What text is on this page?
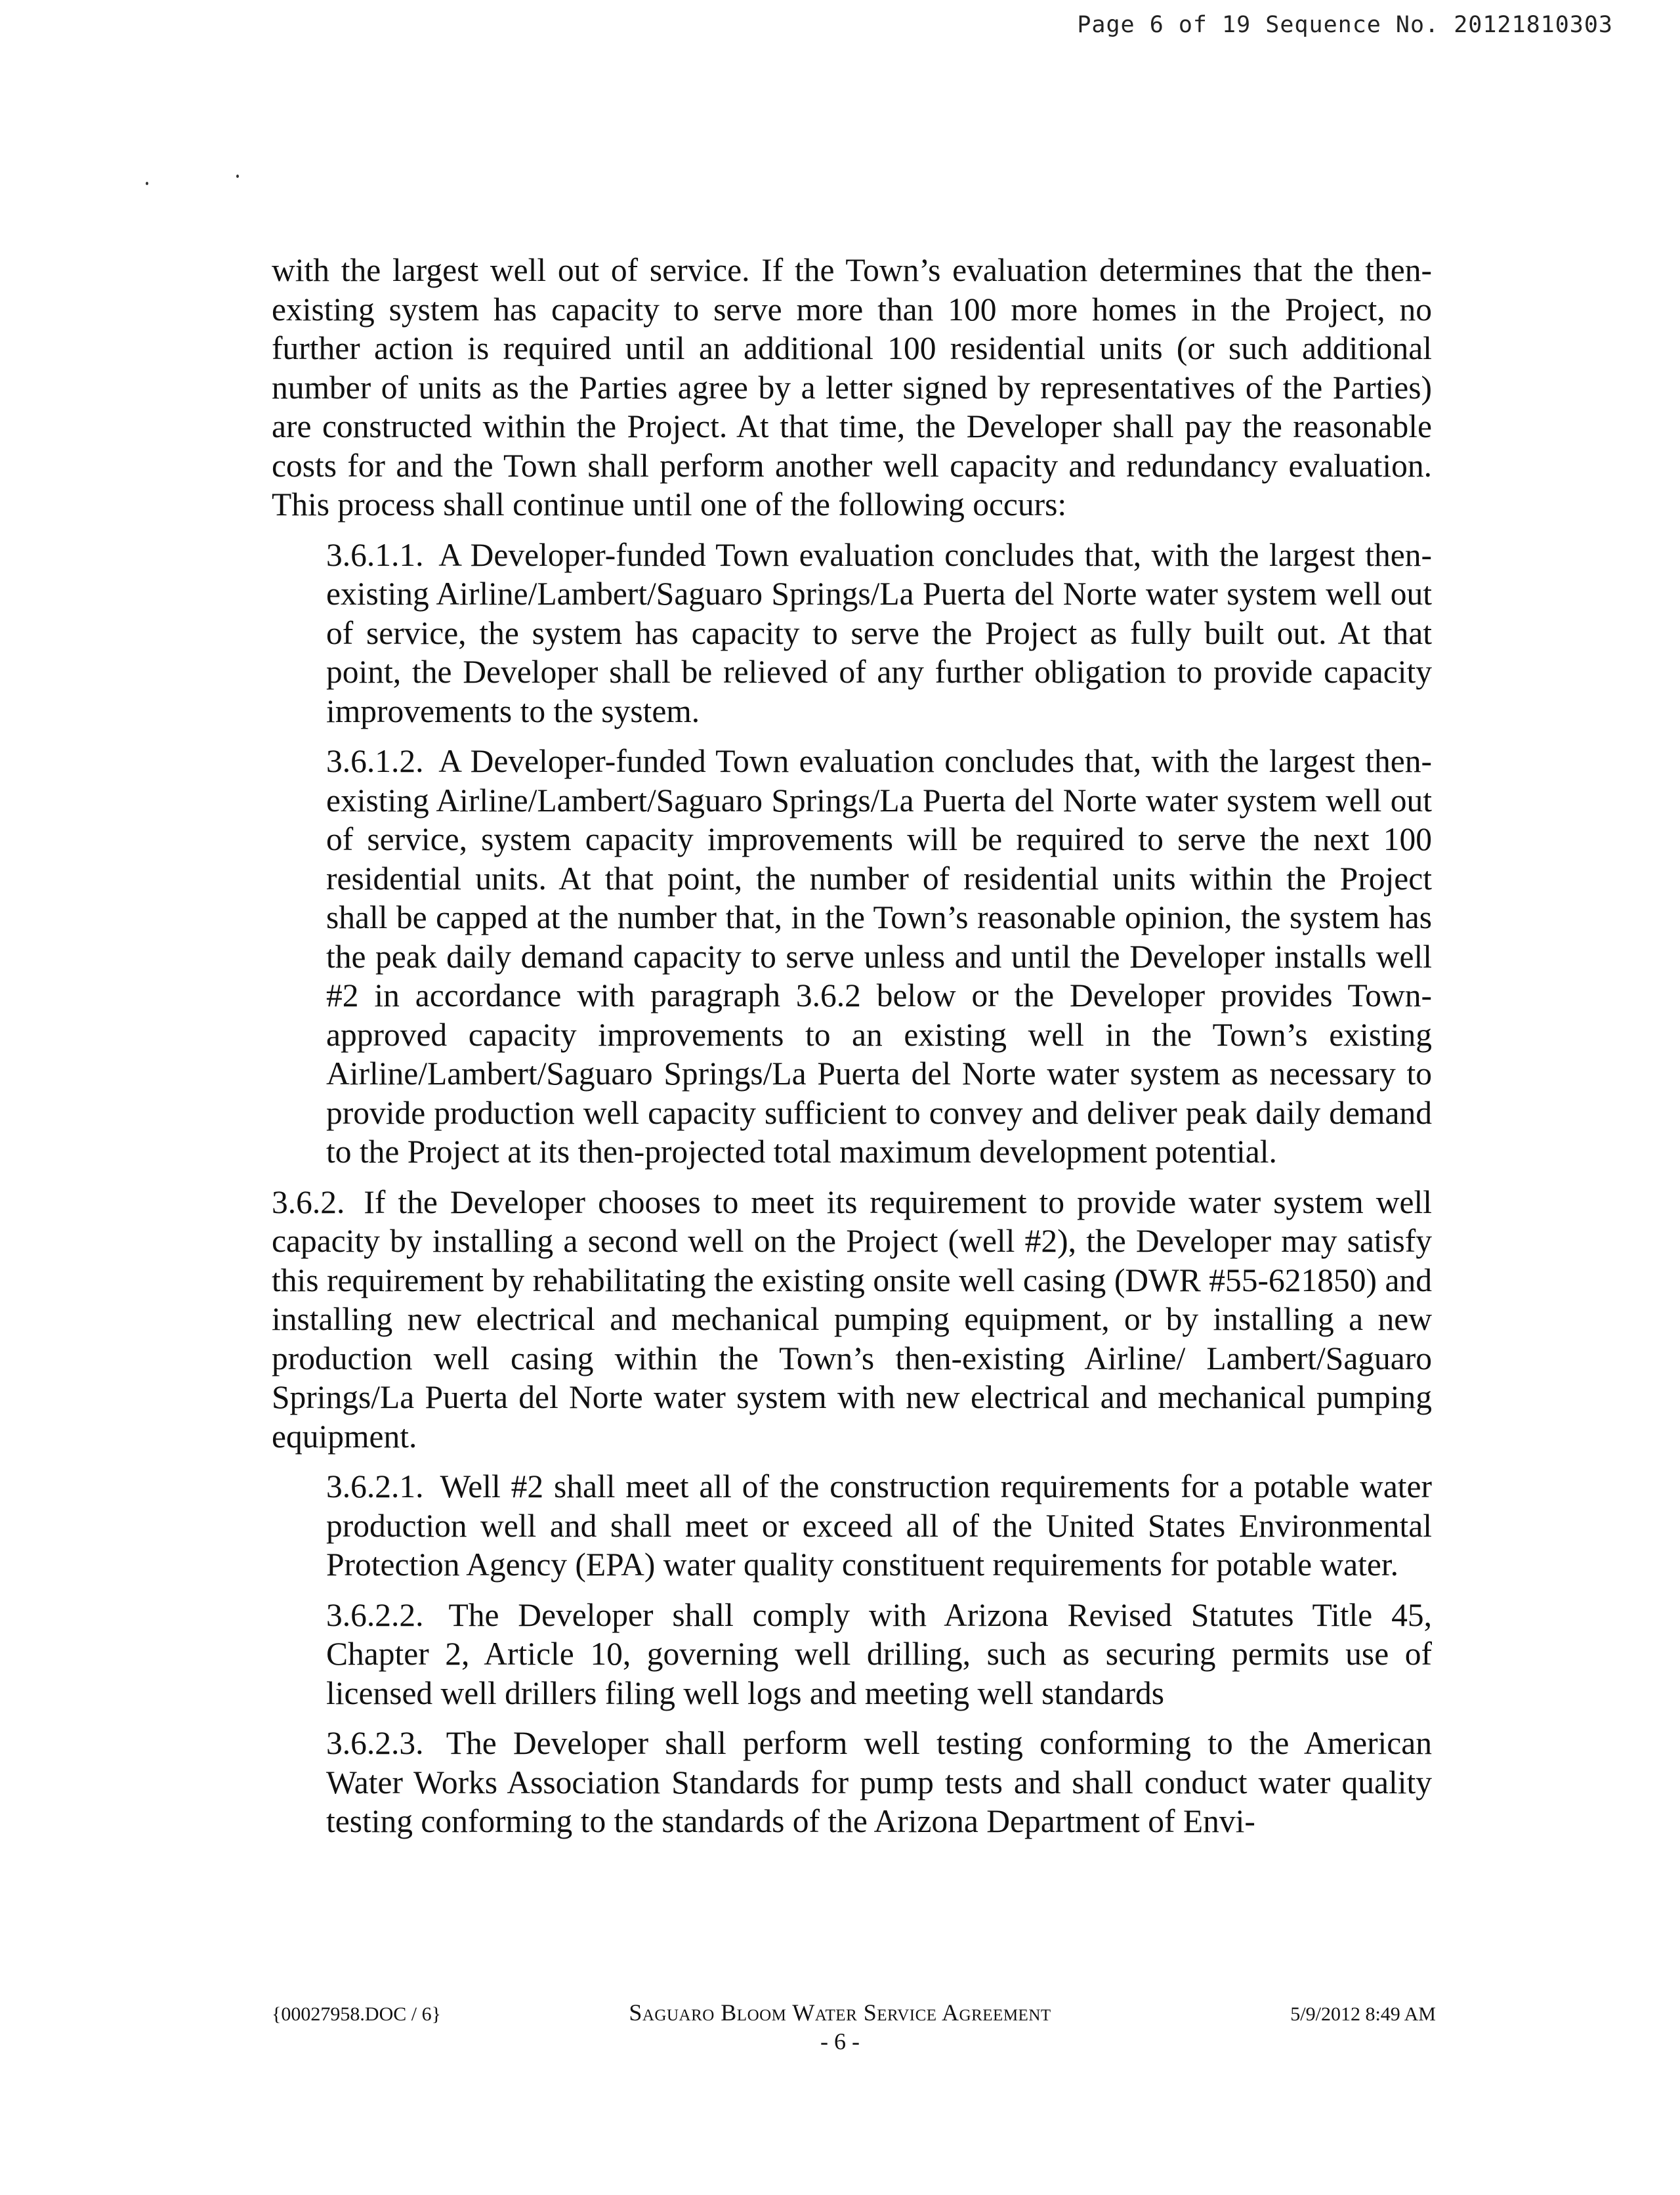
Page 6 of 19 Sequence No. 20121810303

with the largest well out of service. If the Town’s evaluation determines that the then-existing system has capacity to serve more than 100 more homes in the Project, no further action is required until an additional 100 residential units (or such additional number of units as the Parties agree by a letter signed by representatives of the Parties) are constructed within the Project. At that time, the Developer shall pay the reasonable costs for and the Town shall perform another well capacity and redundancy evaluation. This process shall continue until one of the following occurs:

3.6.1.1. A Developer-funded Town evaluation concludes that, with the largest then-existing Airline/Lambert/Saguaro Springs/La Puerta del Norte water system well out of service, the system has capacity to serve the Project as fully built out. At that point, the Developer shall be relieved of any further obligation to provide capacity improvements to the system.

3.6.1.2. A Developer-funded Town evaluation concludes that, with the largest then-existing Airline/Lambert/Saguaro Springs/La Puerta del Norte water system well out of service, system capacity improvements will be required to serve the next 100 residential units. At that point, the number of residential units within the Project shall be capped at the number that, in the Town’s reasonable opinion, the system has the peak daily demand capacity to serve unless and until the Developer installs well #2 in accordance with paragraph 3.6.2 below or the Developer provides Town-approved capacity improvements to an existing well in the Town’s existing Airline/Lambert/Saguaro Springs/La Puerta del Norte water system as necessary to provide production well capacity sufficient to convey and deliver peak daily demand to the Project at its then-projected total maximum development potential.

3.6.2. If the Developer chooses to meet its requirement to provide water system well capacity by installing a second well on the Project (well #2), the Developer may satisfy this requirement by rehabilitating the existing onsite well casing (DWR #55-621850) and installing new electrical and mechanical pumping equipment, or by installing a new production well casing within the Town’s then-existing Airline/ Lambert/Saguaro Springs/La Puerta del Norte water system with new electrical and mechanical pumping equipment.

3.6.2.1. Well #2 shall meet all of the construction requirements for a potable water production well and shall meet or exceed all of the United States Environmental Protection Agency (EPA) water quality constituent requirements for potable water.

3.6.2.2. The Developer shall comply with Arizona Revised Statutes Title 45, Chapter 2, Article 10, governing well drilling, such as securing permits use of licensed well drillers filing well logs and meeting well standards

3.6.2.3. The Developer shall perform well testing conforming to the American Water Works Association Standards for pump tests and shall conduct water quality testing conforming to the standards of the Arizona Department of Envi-

{00027958.DOC / 6}	Saguaro Bloom Water Service Agreement
- 6 -
5/9/2012 8:49 AM
